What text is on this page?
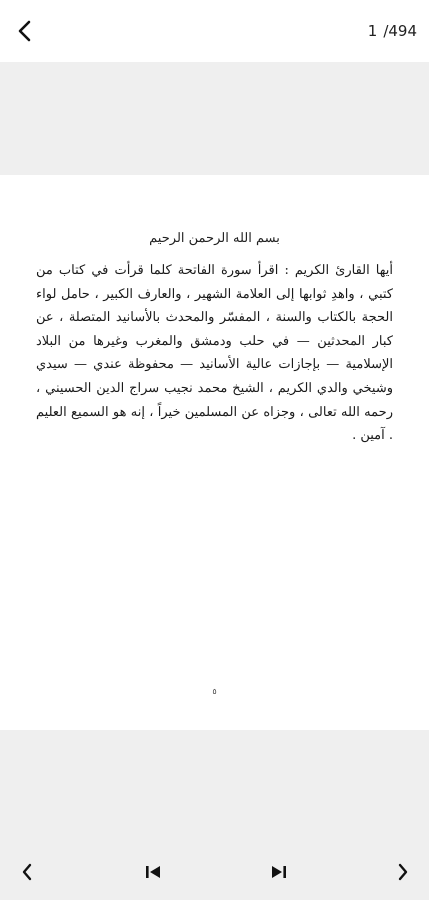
1 /494
بسم الله الرحمن الرحيم
أيها القارئ الكريم : اقرأ سورة الفاتحة كلما قرأت في كتاب من كتبي ، واهدِ ثوابها إلى العلامة الشهير ، والعارف الكبير ، حامل لواء الحجة بالكتاب والسنة ، المفسّر والمحدث بالأسانيد المتصلة ، عن كبار المحدثين — في حلب ودمشق والمغرب وغيرها من البلاد الإسلامية — بإجازات عالية الأسانيد — محفوظة عندي — سيدي وشيخي والدي الكريم ، الشيخ محمد نجيب سراج الدين الحسيني ، رحمه الله تعالى ، وجزاه عن المسلمين خيراً ، إنه هو السميع العليم . آمين .
٥
